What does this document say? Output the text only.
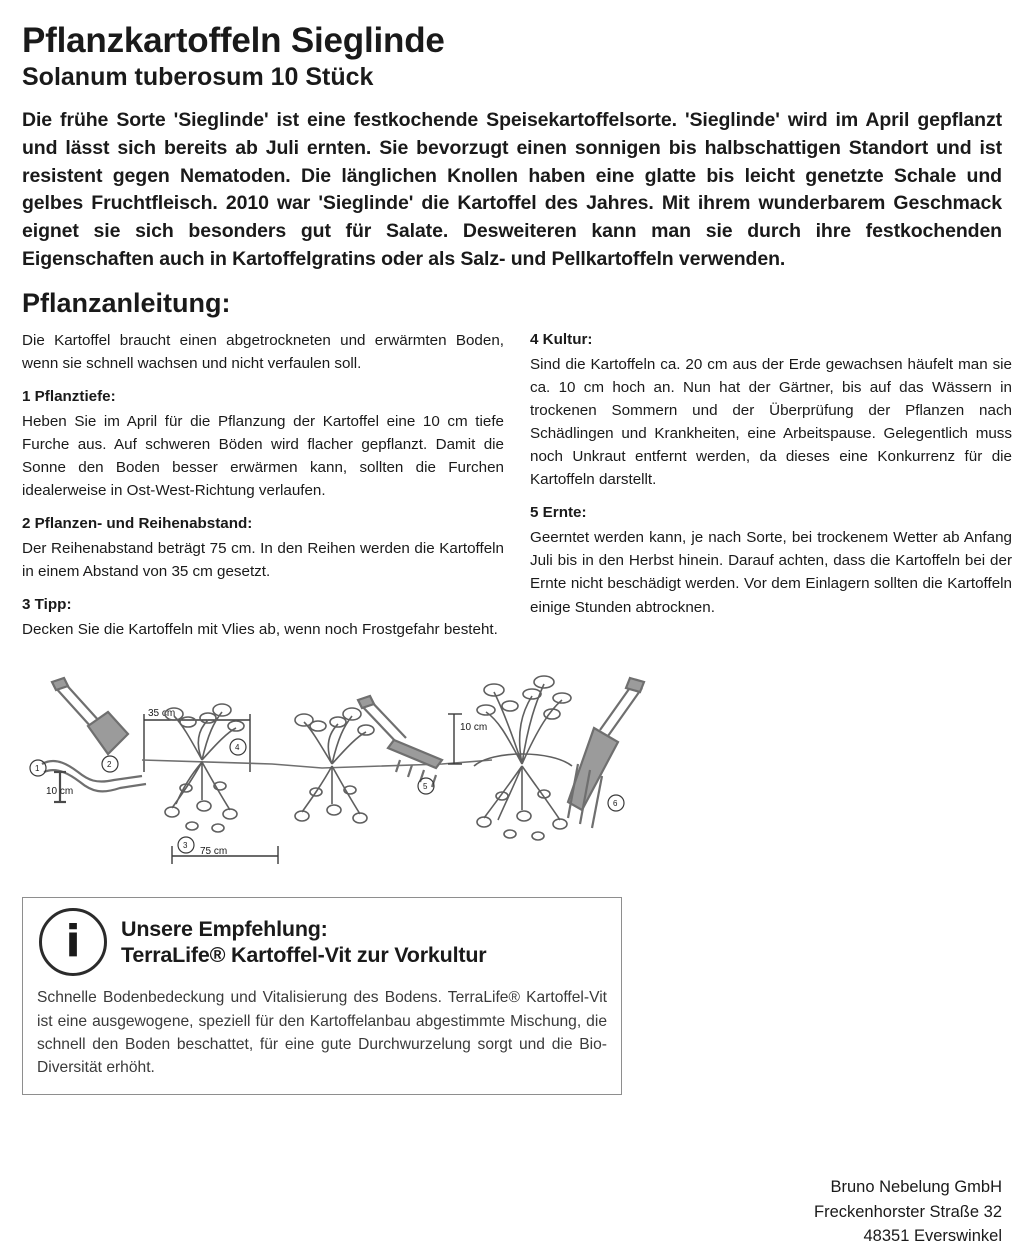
Pflanzkartoffeln Sieglinde
Solanum tuberosum 10 Stück

Die frühe Sorte 'Sieglinde' ist eine festkochende Speisekartoffelsorte. 'Sieglinde' wird im April gepflanzt und lässt sich bereits ab Juli ernten. Sie bevorzugt einen sonnigen bis halbschattigen Standort und ist resistent gegen Nematoden. Die länglichen Knollen haben eine glatte bis leicht genetzte Schale und gelbes Fruchtfleisch. 2010 war 'Sieglinde' die Kartoffel des Jahres. Mit ihrem wunderbarem Geschmack eignet sie sich besonders gut für Salate. Desweiteren kann man sie durch ihre festkochenden Eigenschaften auch in Kartoffelgratins oder als Salz- und Pellkartoffeln verwenden.

Pflanzanleitung:

Die Kartoffel braucht einen abgetrockneten und erwärmten Boden, wenn sie schnell wachsen und nicht verfaulen soll.

1 Pflanztiefe:

Heben Sie im April für die Pflanzung der Kartoffel eine 10 cm tiefe Furche aus. Auf schweren Böden wird flacher gepflanzt. Damit die Sonne den Boden besser erwärmen kann, sollten die Furchen idealerweise in Ost-West-Richtung verlaufen.

2 Pflanzen- und Reihenabstand:

Der Reihenabstand beträgt 75 cm. In den Reihen werden die Kartoffeln in einem Abstand von 35 cm gesetzt.

3 Tipp:

Decken Sie die Kartoffeln mit Vlies ab, wenn noch Frostgefahr besteht.

4 Kultur:

Sind die Kartoffeln ca. 20 cm aus der Erde gewachsen häufelt man sie ca. 10 cm hoch an. Nun hat der Gärtner, bis auf das Wässern in trockenen Sommern und der Überprüfung der Pflanzen nach Schädlingen und Krankheiten, eine Arbeitspause. Gelegentlich muss noch Unkraut entfernt werden, da dieses eine Konkurrenz für die Kartoffeln darstellt.

5 Ernte:

Geerntet werden kann, je nach Sorte, bei trockenem Wetter ab Anfang Juli bis in den Herbst hinein. Darauf achten, dass die Kartoffeln bei der Ernte nicht beschädigt werden. Vor dem Einlagern sollten die Kartoffeln einige Stunden abtrocknen.

35 cm
10 cm
10 cm
75 cm
1	2
3
4
5
6
i	Unsere Empfehlung:
TerraLife® Kartoffel-Vit zur Vorkultur
Schnelle Bodenbedeckung und Vitalisierung des Bodens. TerraLife® Kartoffel-Vit ist eine ausgewogene, speziell für den Kartoffelanbau abgestimmte Mischung, die schnell den Boden beschattet, für eine gute Durchwurzelung sorgt und die Bio-Diversität erhöht.
Bruno Nebelung GmbH
Freckenhorster Straße 32
48351 Everswinkel
